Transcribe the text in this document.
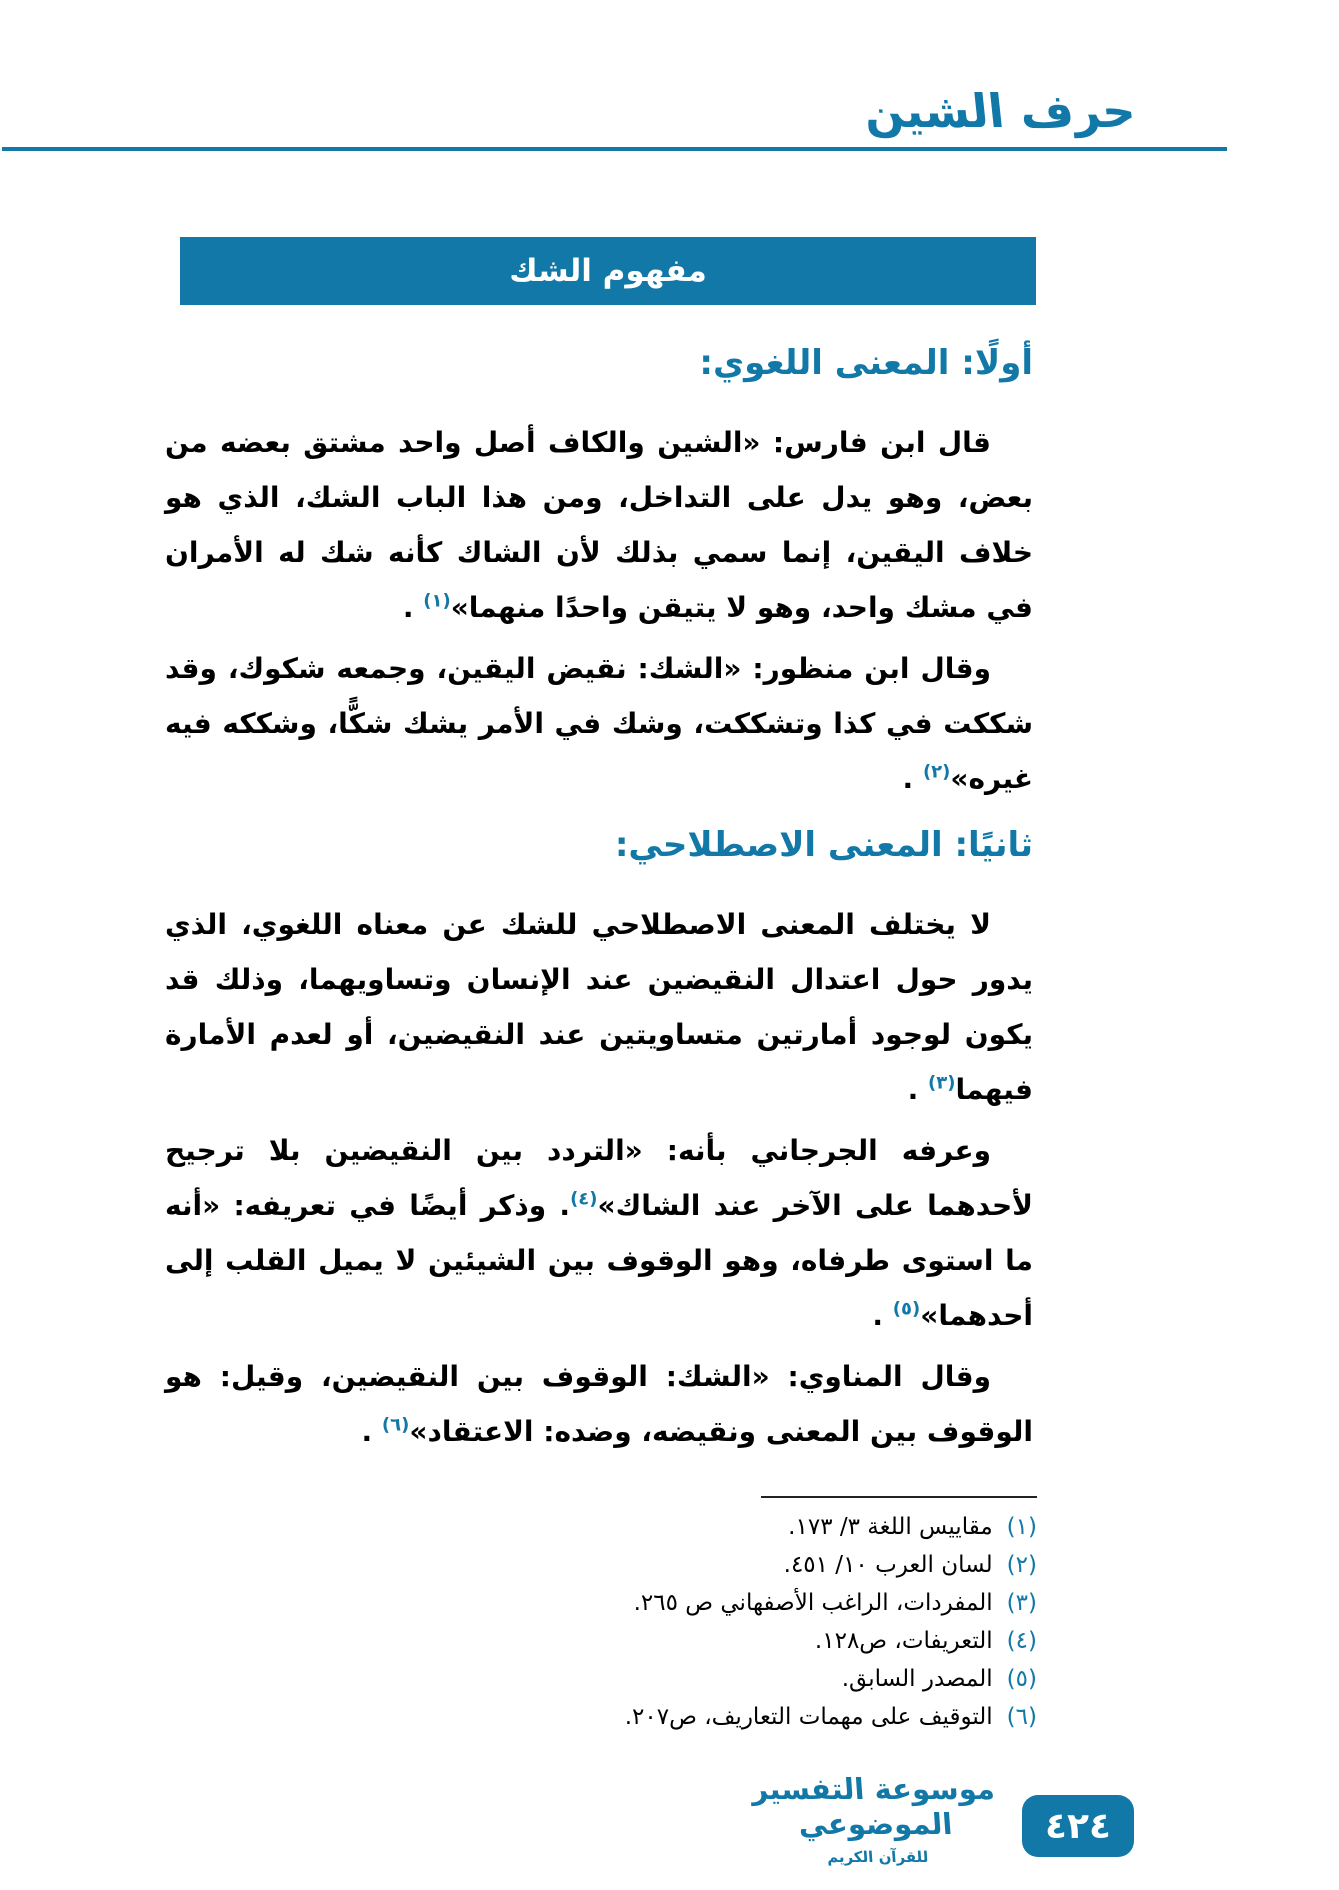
حرف الشين
مفهوم الشك
أولًا: المعنى اللغوي:

قال ابن فارس: «الشين والكاف أصل واحد مشتق بعضه من بعض، وهو يدل على التداخل، ومن هذا الباب الشك، الذي هو خلاف اليقين، إنما سمي بذلك لأن الشاك كأنه شك له الأمران في مشك واحد، وهو لا يتيقن واحدًا منهما»$^{(١)}$ .

وقال ابن منظور: «الشك: نقيض اليقين، وجمعه شكوك، وقد شككت في كذا وتشككت، وشك في الأمر يشك شكًّا، وشككه فيه غيره»$^{(٢)}$ .

ثانيًا: المعنى الاصطلاحي:

لا يختلف المعنى الاصطلاحي للشك عن معناه اللغوي، الذي يدور حول اعتدال النقيضين عند الإنسان وتساويهما، وذلك قد يكون لوجود أمارتين متساويتين عند النقيضين، أو لعدم الأمارة فيهما$^{(٣)}$ .

وعرفه الجرجاني بأنه: «التردد بين النقيضين بلا ترجيح لأحدهما على الآخر عند الشاك»$^{(٤)}$. وذكر أيضًا في تعريفه: «أنه ما استوى طرفاه، وهو الوقوف بين الشيئين لا يميل القلب إلى أحدهما»$^{(٥)}$ .

وقال المناوي: «الشك: الوقوف بين النقيضين، وقيل: هو الوقوف بين المعنى ونقيضه، وضده: الاعتقاد»$^{(٦)}$ .

(١)مقاييس اللغة ٣/ ١٧٣.
(٢)لسان العرب ١٠/ ٤٥١.
(٣)المفردات، الراغب الأصفهاني ص ٢٦٥.
(٤)التعريفات، ص١٢٨.
(٥)المصدر السابق.
(٦)التوقيف على مهمات التعاريف، ص٢٠٧.
موسوعة التفسير الموضوعي
للقرآن الكريم
٤٢٤
